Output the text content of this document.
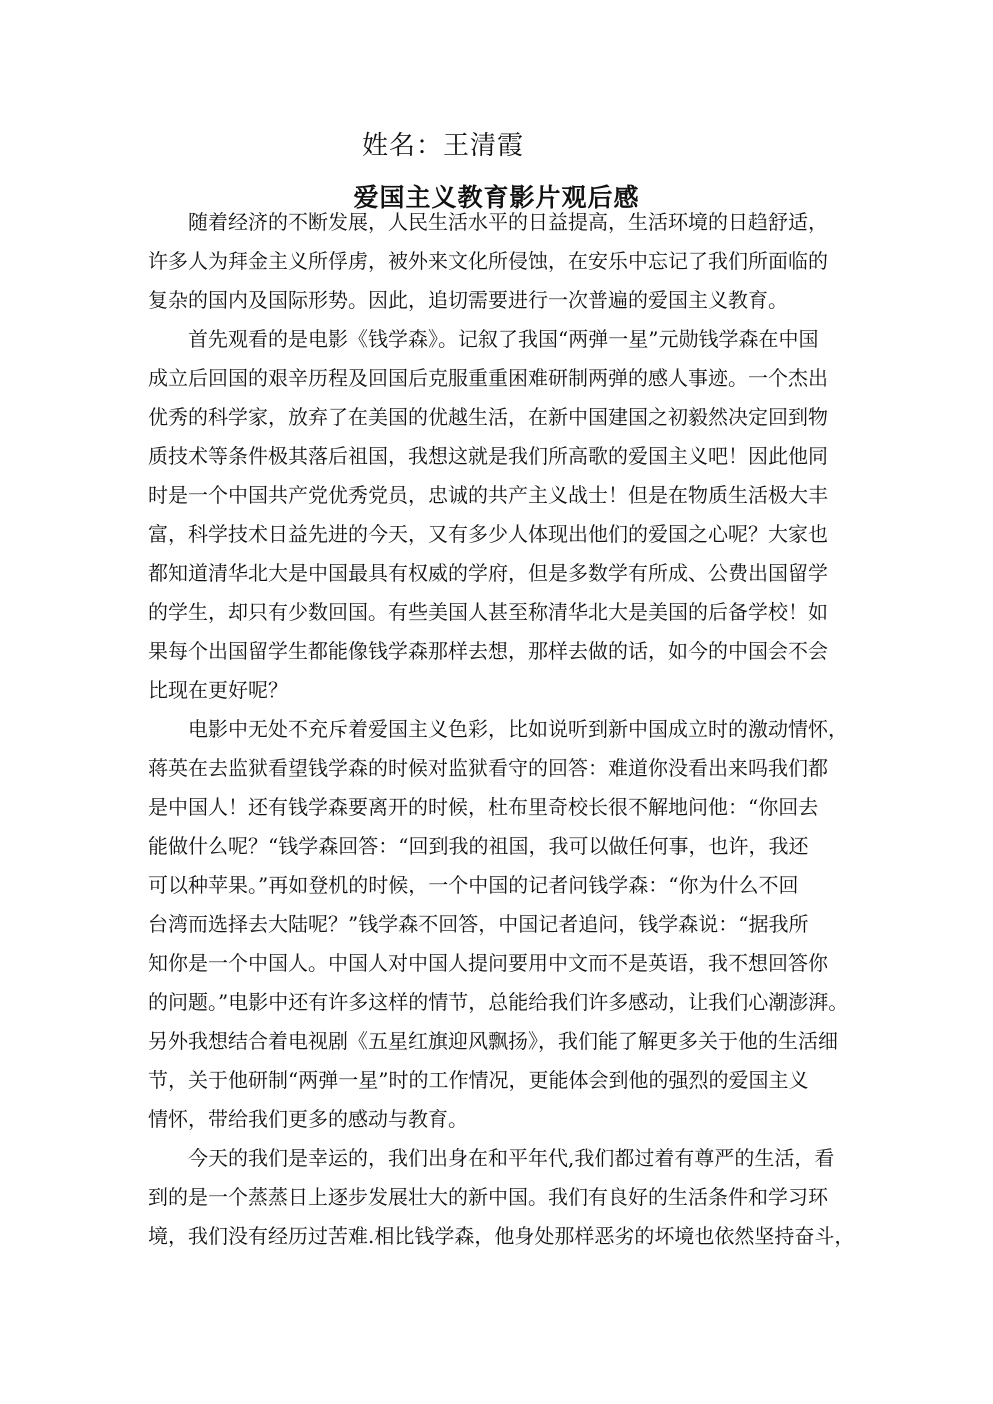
姓名：王清霞
爱国主义教育影片观后感
随着经济的不断发展，人民生活水平的日益提高，生活环境的日趋舒适，
许多人为拜金主义所俘虏，被外来文化所侵蚀，在安乐中忘记了我们所面临的
复杂的国内及国际形势。因此，追切需要进行一次普遍的爱国主义教育。
首先观看的是电影《钱学森》。记叙了我国“两弹一星”元勋钱学森在中国
成立后回国的艰辛历程及回国后克服重重困难研制两弹的感人事迹。一个杰出
优秀的科学家，放弃了在美国的优越生活，在新中国建国之初毅然决定回到物
质技术等条件极其落后祖国，我想这就是我们所高歌的爱国主义吧！因此他同
时是一个中国共产党优秀党员，忠诚的共产主义战士！但是在物质生活极大丰
富，科学技术日益先进的今天，又有多少人体现出他们的爱国之心呢？大家也
都知道清华北大是中国最具有权威的学府，但是多数学有所成、公费出国留学
的学生，却只有少数回国。有些美国人甚至称清华北大是美国的后备学校！如
果每个出国留学生都能像钱学森那样去想，那样去做的话，如今的中国会不会
比现在更好呢？
电影中无处不充斥着爱国主义色彩，比如说听到新中国成立时的激动情怀，
蒋英在去监狱看望钱学森的时候对监狱看守的回答：难道你没看出来吗我们都
是中国人！还有钱学森要离开的时候，杜布里奇校长很不解地问他：“你回去
能做什么呢？“钱学森回答：“回到我的祖国，我可以做任何事，也许，我还
可以种苹果。”再如登机的时候，一个中国的记者问钱学森：“你为什么不回
台湾而选择去大陆呢？”钱学森不回答，中国记者追问，钱学森说：“据我所
知你是一个中国人。中国人对中国人提问要用中文而不是英语，我不想回答你
的问题。”电影中还有许多这样的情节，总能给我们许多感动，让我们心潮澎湃。
另外我想结合着电视剧《五星红旗迎风飘扬》，我们能了解更多关于他的生活细
节，关于他研制“两弹一星”时的工作情况，更能体会到他的强烈的爱国主义
情怀，带给我们更多的感动与教育。
今天的我们是幸运的，我们出身在和平年代,我们都过着有尊严的生活，看
到的是一个蒸蒸日上逐步发展壮大的新中国。我们有良好的生活条件和学习环
境，我们没有经历过苦难.相比钱学森，他身处那样恶劣的坏境也依然坚持奋斗，
